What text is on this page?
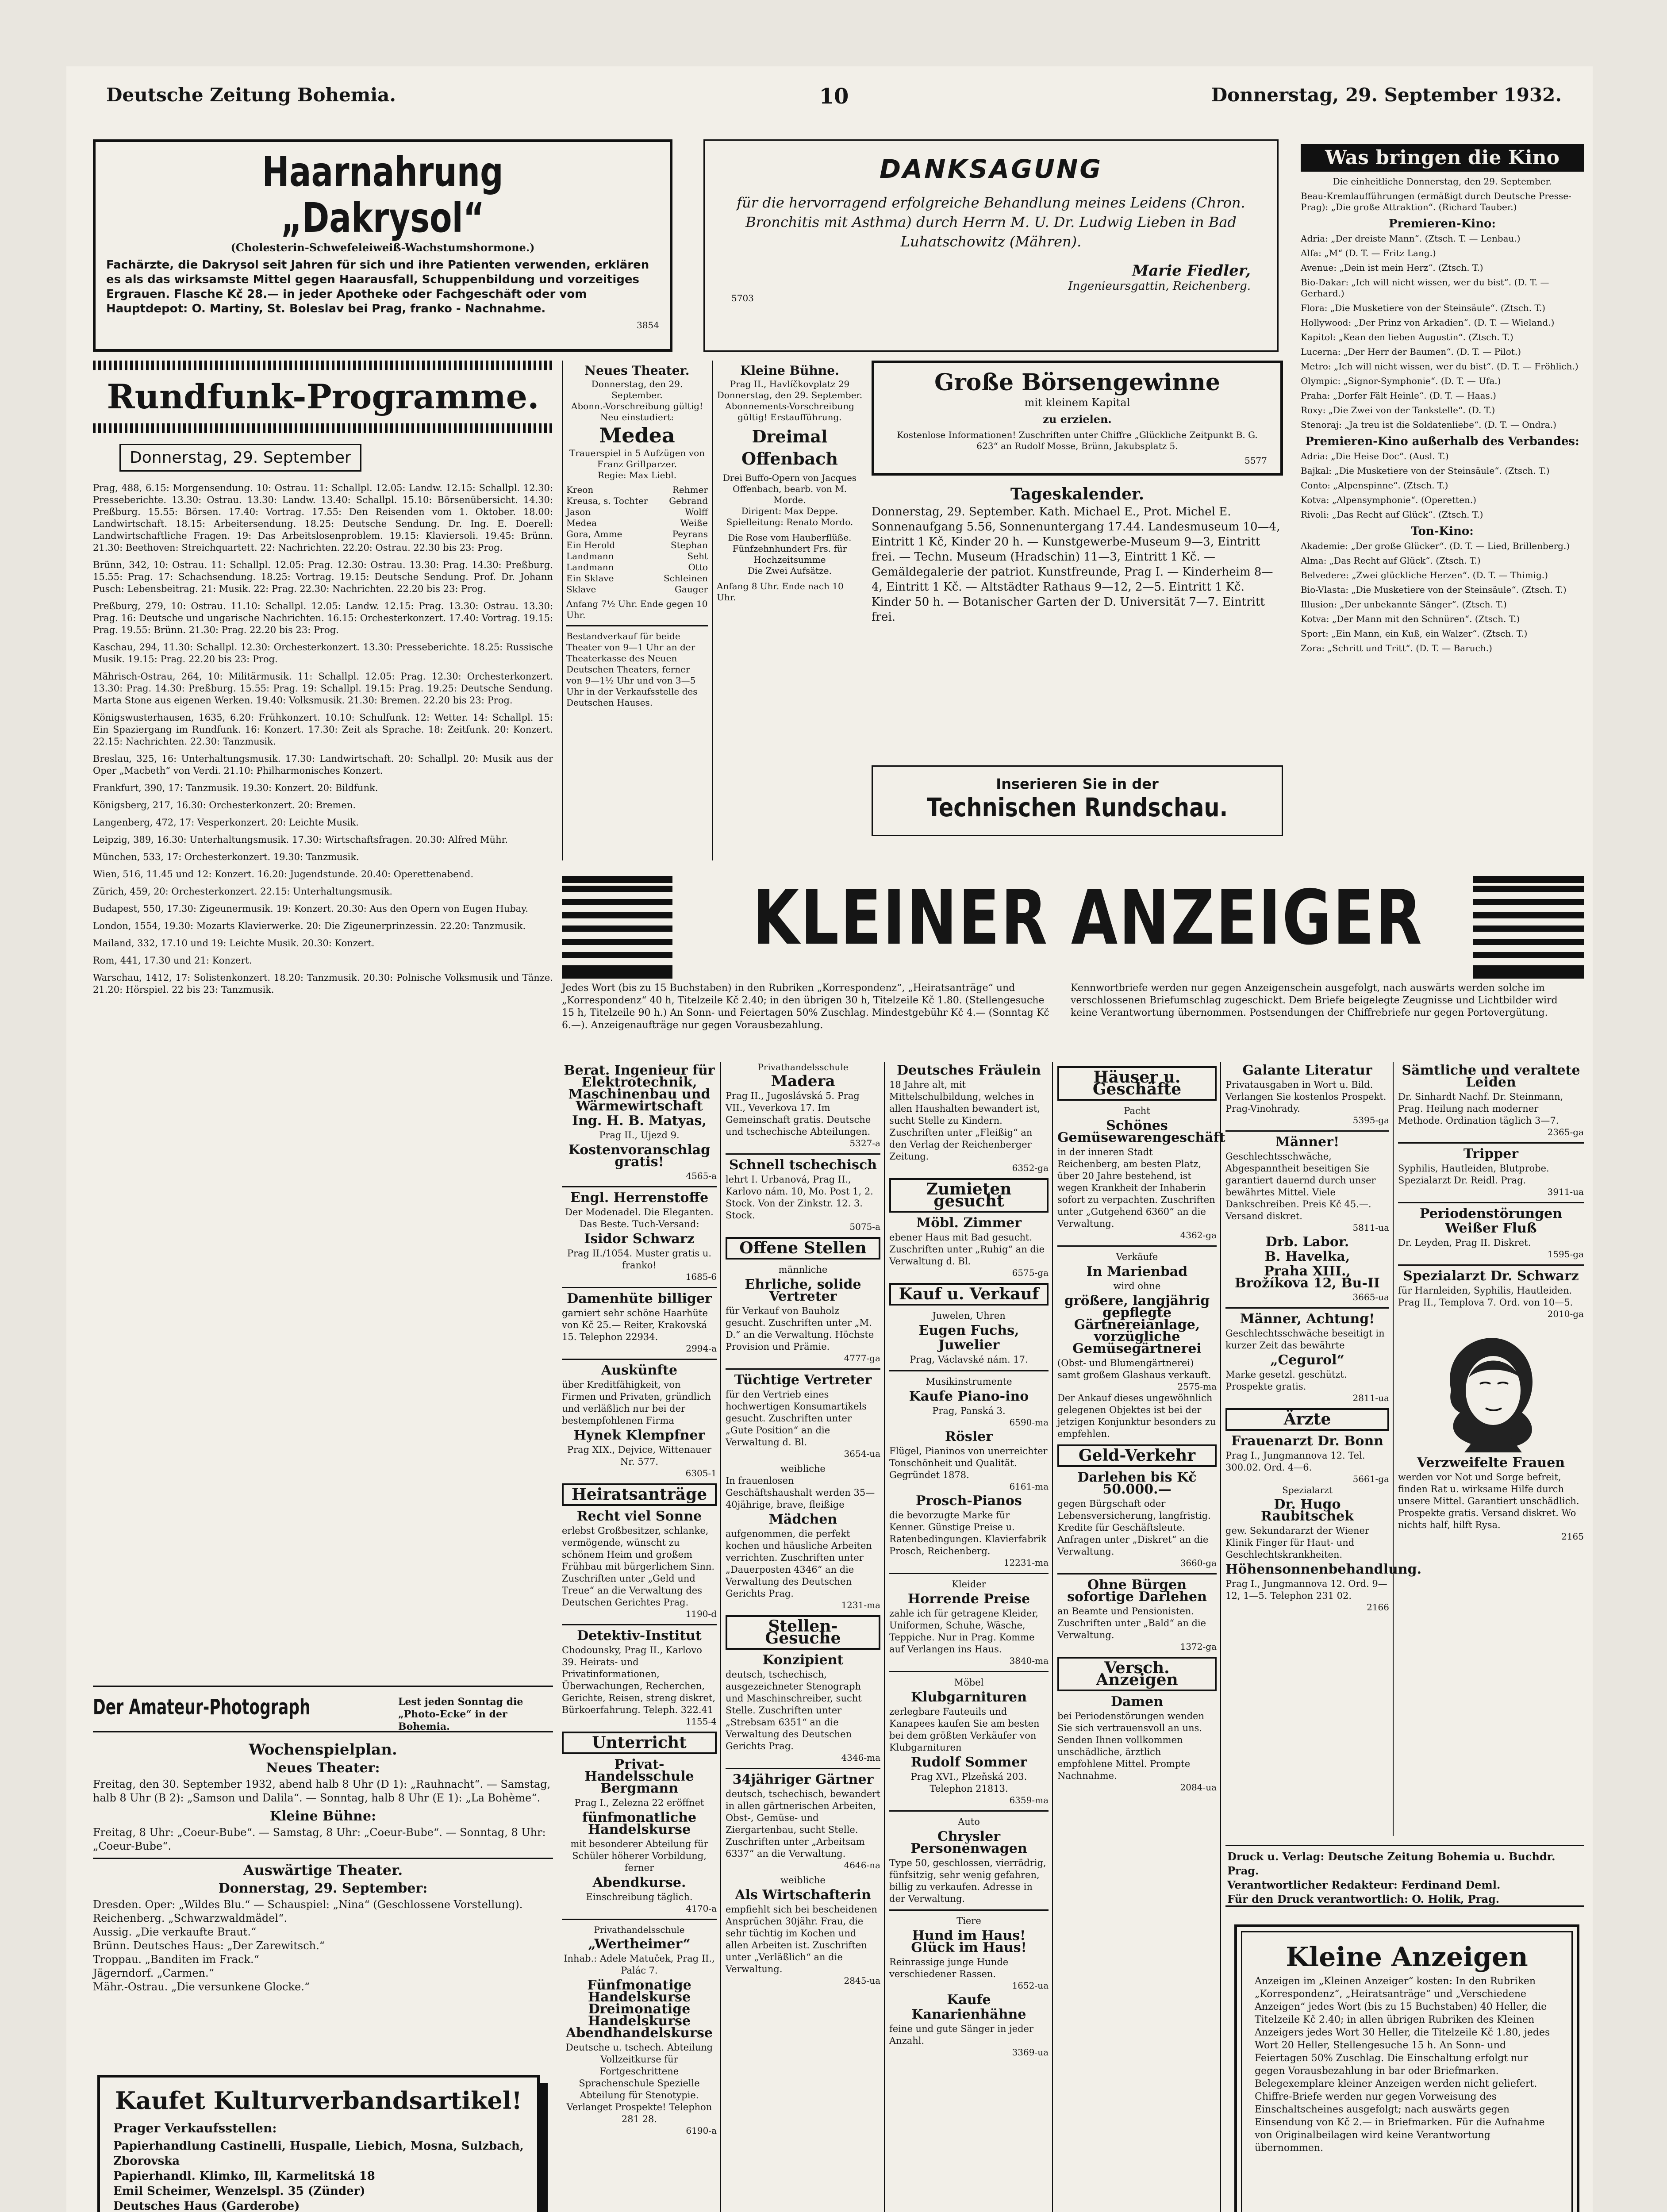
Deutsche Zeitung Bohemia.	10	Donnerstag, 29. September 1932.
Haarnahrung „Dakrysol“
(Cholesterin-Schwefeleiweiß-Wachstumshormone.)
Fachärzte, die Dakrysol seit Jahren für sich und ihre Patienten verwenden, erklären es als das wirksamste Mittel gegen Haarausfall, Schuppenbildung und vorzeitiges Ergrauen. Flasche Kč 28.— in jeder Apotheke oder Fachgeschäft oder vom Hauptdepot: O. Martiny, St. Boleslav bei Prag, franko - Nachnahme.
3854
DANKSAGUNG
für die hervorragend erfolgreiche Behandlung meines Leidens (Chron. Bronchitis mit Asthma) durch Herrn M. U. Dr. Ludwig Lieben in Bad Luhatschowitz (Mähren).
Marie Fiedler,
Ingenieursgattin, Reichenberg.
5703
Was bringen die Kino
Die einheitliche Donnerstag, den 29. September.
Beau-Kremlaufführungen (ermäßigt durch Deutsche Presse-Prag): „Die große Attraktion“. (Richard Tauber.)
Premieren-Kino:
Adria: „Der dreiste Mann“. (Ztsch. T. — Lenbau.)
Alfa: „M“ (D. T. — Fritz Lang.)
Avenue: „Dein ist mein Herz“. (Ztsch. T.)
Bio-Dakar: „Ich will nicht wissen, wer du bist“. (D. T. — Gerhard.)
Flora: „Die Musketiere von der Steinsäule“. (Ztsch. T.)
Hollywood: „Der Prinz von Arkadien“. (D. T. — Wieland.)
Kapitol: „Kean den lieben Augustin“. (Ztsch. T.)
Lucerna: „Der Herr der Baumen“. (D. T. — Pilot.)
Metro: „Ich will nicht wissen, wer du bist“. (D. T. — Fröhlich.)
Olympic: „Signor-Symphonie“. (D. T. — Ufa.)
Praha: „Dorfer Fält Heinle“. (D. T. — Haas.)
Roxy: „Die Zwei von der Tankstelle“. (D. T.)
Stenoraj: „Ja treu ist die Soldatenliebe“. (D. T. — Ondra.)
Premieren-Kino außerhalb des Verbandes:
Adria: „Die Heise Doc“. (Ausl. T.)
Bajkal: „Die Musketiere von der Steinsäule“. (Ztsch. T.)
Conto: „Alpenspinne“. (Ztsch. T.)
Kotva: „Alpensymphonie“. (Operetten.)
Rivoli: „Das Recht auf Glück“. (Ztsch. T.)
Ton-Kino:
Akademie: „Der große Glücker“. (D. T. — Lied, Brillenberg.)
Alma: „Das Recht auf Glück“. (Ztsch. T.)
Belvedere: „Zwei glückliche Herzen“. (D. T. — Thimig.)
Bio-Vlasta: „Die Musketiere von der Steinsäule“. (Ztsch. T.)
Illusion: „Der unbekannte Sänger“. (Ztsch. T.)
Kotva: „Der Mann mit den Schnüren“. (Ztsch. T.)
Sport: „Ein Mann, ein Kuß, ein Walzer“. (Ztsch. T.)
Zora: „Schritt und Tritt“. (D. T. — Baruch.)
Rundfunk-Programme.
Donnerstag, 29. September
Prag, 488, 6.15: Morgensendung. 10: Ostrau. 11: Schallpl. 12.05: Landw. 12.15: Schallpl. 12.30: Presseberichte. 13.30: Ostrau. 13.30: Landw. 13.40: Schallpl. 15.10: Börsenübersicht. 14.30: Preßburg. 15.55: Börsen. 17.40: Vortrag. 17.55: Den Reisenden vom 1. Oktober. 18.00: Landwirtschaft. 18.15: Arbeitersendung. 18.25: Deutsche Sendung. Dr. Ing. E. Doerell: Landwirtschaftliche Fragen. 19: Das Arbeitslosenproblem. 19.15: Klaviersoli. 19.45: Brünn. 21.30: Beethoven: Streichquartett. 22: Nachrichten. 22.20: Ostrau. 22.30 bis 23: Prog.
Brünn, 342, 10: Ostrau. 11: Schallpl. 12.05: Prag. 12.30: Ostrau. 13.30: Prag. 14.30: Preßburg. 15.55: Prag. 17: Schachsendung. 18.25: Vortrag. 19.15: Deutsche Sendung. Prof. Dr. Johann Pusch: Lebensbeitrag. 21: Musik. 22: Prag. 22.30: Nachrichten. 22.20 bis 23: Prog.
Preßburg, 279, 10: Ostrau. 11.10: Schallpl. 12.05: Landw. 12.15: Prag. 13.30: Ostrau. 13.30: Prag. 16: Deutsche und ungarische Nachrichten. 16.15: Orchesterkonzert. 17.40: Vortrag. 19.15: Prag. 19.55: Brünn. 21.30: Prag. 22.20 bis 23: Prog.
Kaschau, 294, 11.30: Schallpl. 12.30: Orchesterkonzert. 13.30: Presseberichte. 18.25: Russische Musik. 19.15: Prag. 22.20 bis 23: Prog.
Mährisch-Ostrau, 264, 10: Militärmusik. 11: Schallpl. 12.05: Prag. 12.30: Orchesterkonzert. 13.30: Prag. 14.30: Preßburg. 15.55: Prag. 19: Schallpl. 19.15: Prag. 19.25: Deutsche Sendung. Marta Stone aus eigenen Werken. 19.40: Volksmusik. 21.30: Bremen. 22.20 bis 23: Prog.
Königswusterhausen, 1635, 6.20: Frühkonzert. 10.10: Schulfunk. 12: Wetter. 14: Schallpl. 15: Ein Spaziergang im Rundfunk. 16: Konzert. 17.30: Zeit als Sprache. 18: Zeitfunk. 20: Konzert. 22.15: Nachrichten. 22.30: Tanzmusik.
Breslau, 325, 16: Unterhaltungsmusik. 17.30: Landwirtschaft. 20: Schallpl. 20: Musik aus der Oper „Macbeth“ von Verdi. 21.10: Philharmonisches Konzert.
Frankfurt, 390, 17: Tanzmusik. 19.30: Konzert. 20: Bildfunk.
Königsberg, 217, 16.30: Orchesterkonzert. 20: Bremen.
Langenberg, 472, 17: Vesperkonzert. 20: Leichte Musik.
Leipzig, 389, 16.30: Unterhaltungsmusik. 17.30: Wirtschaftsfragen. 20.30: Alfred Mühr.
München, 533, 17: Orchesterkonzert. 19.30: Tanzmusik.
Wien, 516, 11.45 und 12: Konzert. 16.20: Jugendstunde. 20.40: Operettenabend.
Zürich, 459, 20: Orchesterkonzert. 22.15: Unterhaltungsmusik.
Budapest, 550, 17.30: Zigeunermusik. 19: Konzert. 20.30: Aus den Opern von Eugen Hubay.
London, 1554, 19.30: Mozarts Klavierwerke. 20: Die Zigeunerprinzessin. 22.20: Tanzmusik.
Mailand, 332, 17.10 und 19: Leichte Musik. 20.30: Konzert.
Rom, 441, 17.30 und 21: Konzert.
Warschau, 1412, 17: Solistenkonzert. 18.20: Tanzmusik. 20.30: Polnische Volksmusik und Tänze. 21.20: Hörspiel. 22 bis 23: Tanzmusik.
Der Amateur-Photograph	Lest jeden Sonntag die „Photo-Ecke“ in der Bohemia.
Wochenspielplan.
Neues Theater:
Freitag, den 30. September 1932, abend halb 8 Uhr (D 1): „Rauhnacht“. — Samstag, halb 8 Uhr (B 2): „Samson und Dalila“. — Sonntag, halb 8 Uhr (E 1): „La Bohème“.
Kleine Bühne:
Freitag, 8 Uhr: „Coeur-Bube“. — Samstag, 8 Uhr: „Coeur-Bube“. — Sonntag, 8 Uhr: „Coeur-Bube“.
Auswärtige Theater.
Donnerstag, 29. September:
Dresden. Oper: „Wildes Blu.“ — Schauspiel: „Nina“ (Geschlossene Vorstellung).
Reichenberg. „Schwarzwaldmädel“.
Aussig. „Die verkaufte Braut.“
Brünn. Deutsches Haus: „Der Zarewitsch.“
Troppau. „Banditen im Frack.“
Jägerndorf. „Carmen.“
Mähr.-Ostrau. „Die versunkene Glocke.“
Kaufet Kulturverbandsartikel!
Prager Verkaufsstellen:
Papierhandlung Castinelli, Huspalle, Liebich, Mosna, Sulzbach, Zborovska
Papierhandl. Klimko, Ill, Karmelitská 18
Emil Scheimer, Wenzelspl. 35 (Zünder)
Deutsches Haus (Garderobe)
Neues Theater.
Donnerstag, den 29. September.
Abonn.-Vorschreibung gültig! Neu einstudiert:
Medea
Trauerspiel in 5 Aufzügen von Franz Grillparzer.
Regie: Max Liebl.
Kreon	Rehmer
Kreusa, s. Tochter Gebrand
Jason	Wolff
Medea	Weiße
Gora, Amme	Peyrans
Ein Herold	Stephan
Landmann	Seht
Landmann	Otto
Ein Sklave	Schleinen
Sklave	Gauger
Anfang 7½ Uhr. Ende gegen 10 Uhr.
Bestandverkauf für beide Theater von 9—1 Uhr an der Theaterkasse des Neuen Deutschen Theaters, ferner von 9—1½ Uhr und von 3—5 Uhr in der Verkaufsstelle des Deutschen Hauses.
Kleine Bühne.
Prag II., Havlíčkovplatz 29
Donnerstag, den 29. September.
Abonnements-Vorschreibung gültig! Erstaufführung.
Dreimal Offenbach
Drei Buffo-Opern von Jacques Offenbach, bearb. von M. Morde.
Dirigent: Max Deppe. Spielleitung: Renato Mordo.
Die Rose vom Hauberflüße.
Fünfzehnhundert Frs. für Hochzeitsumme
Die Zwei Aufsätze.
Anfang 8 Uhr. Ende nach 10 Uhr.
Große Börsengewinne
mit kleinem Kapital
zu erzielen.
Kostenlose Informationen! Zuschriften unter Chiffre „Glückliche Zeitpunkt B. G. 623“ an Rudolf Mosse, Brünn, Jakubsplatz 5.
5577
Tageskalender.
Donnerstag, 29. September. Kath. Michael E., Prot. Michel E. Sonnenaufgang 5.56, Sonnenuntergang 17.44. Landesmuseum 10—4, Eintritt 1 Kč, Kinder 20 h. — Kunstgewerbe-Museum 9—3, Eintritt frei. — Techn. Museum (Hradschin) 11—3, Eintritt 1 Kč. — Gemäldegalerie der patriot. Kunstfreunde, Prag I. — Kinderheim 8—4, Eintritt 1 Kč. — Altstädter Rathaus 9—12, 2—5. Eintritt 1 Kč. Kinder 50 h. — Botanischer Garten der D. Universität 7—7. Eintritt frei.
Inserieren Sie in der
Technischen Rundschau.
KLEINER ANZEIGER
Jedes Wort (bis zu 15 Buchstaben) in den Rubriken „Korrespondenz“, „Heiratsanträge“ und „Korrespondenz“ 40 h, Titelzeile Kč 2.40; in den übrigen 30 h, Titelzeile Kč 1.80. (Stellengesuche 15 h, Titelzeile 90 h.) An Sonn- und Feiertagen 50% Zuschlag. Mindestgebühr Kč 4.— (Sonntag Kč 6.—). Anzeigenaufträge nur gegen Vorausbezahlung.
Kennwortbriefe werden nur gegen Anzeigenschein ausgefolgt, nach auswärts werden solche im verschlossenen Briefumschlag zugeschickt. Dem Briefe beigelegte Zeugnisse und Lichtbilder wird keine Verantwortung übernommen. Postsendungen der Chiffrebriefe nur gegen Portovergütung.
Berat. Ingenieur für Elektrotechnik, Maschinenbau und Wärmewirtschaft
Ing. H. B. Matyas,
Prag II., Ujezd 9.
Kostenvoranschlag gratis!
4565-a
Engl. Herrenstoffe
Der Modenadel. Die Eleganten. Das Beste. Tuch-Versand:
Isidor Schwarz
Prag II./1054. Muster gratis u. franko!
1685-6
Damenhüte billiger
garniert sehr schöne Haarhüte von Kč 25.— Reiter, Krakovská 15. Telephon 22934.
2994-a
Auskünfte
über Kreditfähigkeit, von Firmen und Privaten, gründlich und verläßlich nur bei der bestempfohlenen Firma
Hynek Klempfner
Prag XIX., Dejvice, Wittenauer Nr. 577.
6305-1
Heiratsanträge
Recht viel Sonne
erlebst Großbesitzer, schlanke, vermögende, wünscht zu schönem Heim und großem Frühbau mit bürgerlichem Sinn. Zuschriften unter „Geld und Treue“ an die Verwaltung des Deutschen Gerichtes Prag.
1190-d
Detektiv-Institut
Chodounsky, Prag II., Karlovo 39. Heirats- und Privatinformationen, Überwachungen, Recherchen, Gerichte, Reisen, streng diskret, Bürkoerfahrung. Teleph. 322.41
1155-4
Unterricht
Privat-Handelsschule Bergmann
Prag I., Zelezna 22 eröffnet
fünfmonatliche Handelskurse
mit besonderer Abteilung für Schüler höherer Vorbildung, ferner
Abendkurse.
Einschreibung täglich.
4170-a
Privathandelsschule
„Wertheimer“
Inhab.: Adele Matuček, Prag II., Palác 7.
Fünfmonatige Handelskurse Dreimonatige Handelskurse Abendhandelskurse
Deutsche u. tschech. Abteilung Vollzeitkurse für Fortgeschrittene Sprachenschule Spezielle Abteilung für Stenotypie.
Verlanget Prospekte! Telephon 281 28.
6190-a
Privathandelsschule
Madera
Prag II., Jugoslávská 5. Prag VII., Veverkova 17. Im Gemeinschaft gratis. Deutsche und tschechische Abteilungen.
5327-a
Schnell tschechisch
lehrt I. Urbanová, Prag II., Karlovo nám. 10, Mo. Post 1, 2. Stock. Von der Zinkstr. 12. 3. Stock.
5075-a
Offene Stellen
männliche
Ehrliche, solide Vertreter
für Verkauf von Bauholz gesucht. Zuschriften unter „M. D.“ an die Verwaltung. Höchste Provision und Prämie.
4777-ga
Tüchtige Vertreter
für den Vertrieb eines hochwertigen Konsumartikels gesucht. Zuschriften unter „Gute Position“ an die Verwaltung d. Bl.
3654-ua
weibliche
In frauenlosen Geschäftshaushalt werden 35—40jährige, brave, fleißige
Mädchen
aufgenommen, die perfekt kochen und häusliche Arbeiten verrichten. Zuschriften unter „Dauerposten 4346“ an die Verwaltung des Deutschen Gerichts Prag.
1231-ma
Stellen-Gesuche
Konzipient
deutsch, tschechisch, ausgezeichneter Stenograph und Maschinschreiber, sucht Stelle. Zuschriften unter „Strebsam 6351“ an die Verwaltung des Deutschen Gerichts Prag.
4346-ma
34jähriger Gärtner
deutsch, tschechisch, bewandert in allen gärtnerischen Arbeiten, Obst-, Gemüse- und Ziergartenbau, sucht Stelle. Zuschriften unter „Arbeitsam 6337“ an die Verwaltung.
4646-na
weibliche
Als Wirtschafterin
empfiehlt sich bei bescheidenen Ansprüchen 30jähr. Frau, die sehr tüchtig im Kochen und allen Arbeiten ist. Zuschriften unter „Verläßlich“ an die Verwaltung.
2845-ua
Deutsches Fräulein
18 Jahre alt, mit Mittelschulbildung, welches in allen Haushalten bewandert ist, sucht Stelle zu Kindern. Zuschriften unter „Fleißig“ an den Verlag der Reichenberger Zeitung.
6352-ga
Zumieten gesucht
Möbl. Zimmer
ebener Haus mit Bad gesucht. Zuschriften unter „Ruhig“ an die Verwaltung d. Bl.
6575-ga
Kauf u. Verkauf
Juwelen, Uhren
Eugen Fuchs,
Juwelier
Prag, Václavské nám. 17.
Musikinstrumente
Kaufe Piano-ino
Prag, Panská 3.
6590-ma
Rösler
Flügel, Pianinos von unerreichter Tonschönheit und Qualität. Gegründet 1878.
6161-ma
Prosch-Pianos
die bevorzugte Marke für Kenner. Günstige Preise u. Ratenbedingungen. Klavierfabrik Prosch, Reichenberg.
12231-ma
Kleider
Horrende Preise
zahle ich für getragene Kleider, Uniformen, Schuhe, Wäsche, Teppiche. Nur in Prag. Komme auf Verlangen ins Haus.
3840-ma
Möbel
Klubgarnituren
zerlegbare Fauteuils und Kanapees kaufen Sie am besten bei dem größten Verkäufer von Klubgarnituren
Rudolf Sommer
Prag XVI., Plzeňská 203. Telephon 21813.
6359-ma
Auto
Chrysler Personenwagen
Type 50, geschlossen, vierrädrig, fünfsitzig, sehr wenig gefahren, billig zu verkaufen. Adresse in der Verwaltung.
Tiere
Hund im Haus! Glück im Haus!
Reinrassige junge Hunde verschiedener Rassen.
1652-ua
Kaufe
Kanarienhähne
feine und gute Sänger in jeder Anzahl.
3369-ua
Häuser u. Geschäfte
Pacht
Schönes Gemüsewarengeschäft
in der inneren Stadt Reichenberg, am besten Platz, über 20 Jahre bestehend, ist wegen Krankheit der Inhaberin sofort zu verpachten. Zuschriften unter „Gutgehend 6360“ an die Verwaltung.
4362-ga
Verkäufe
In Marienbad
wird ohne
größere, langjährig gepflegte Gärtnereianlage, vorzügliche Gemüsegärtnerei
(Obst- und Blumengärtnerei) samt großem Glashaus verkauft.
2575-ma
Der Ankauf dieses ungewöhnlich gelegenen Objektes ist bei der jetzigen Konjunktur besonders zu empfehlen.
Geld-Verkehr
Darlehen bis Kč 50.000.—
gegen Bürgschaft oder Lebensversicherung, langfristig. Kredite für Geschäftsleute. Anfragen unter „Diskret“ an die Verwaltung.
3660-ga
Ohne Bürgen sofortige Darlehen
an Beamte und Pensionisten. Zuschriften unter „Bald“ an die Verwaltung.
1372-ga
Versch. Anzeigen
Damen
bei Periodenstörungen wenden Sie sich vertrauensvoll an uns. Senden Ihnen vollkommen unschädliche, ärztlich empfohlene Mittel. Prompte Nachnahme.
2084-ua
Galante Literatur
Privatausgaben in Wort u. Bild. Verlangen Sie kostenlos Prospekt. Prag-Vinohrady.
5395-ga
Männer!
Geschlechtsschwäche, Abgespanntheit beseitigen Sie garantiert dauernd durch unser bewährtes Mittel. Viele Dankschreiben. Preis Kč 45.—. Versand diskret.
5811-ua
Drb. Labor.
B. Havelka,
Praha XIII., Brožíkova 12, Bu-II
3665-ua
Männer, Achtung!
Geschlechtsschwäche beseitigt in kurzer Zeit das bewährte
„Cegurol“
Marke gesetzl. geschützt. Prospekte gratis.
2811-ua
Ärzte
Frauenarzt Dr. Bonn
Prag I., Jungmannova 12. Tel. 300.02. Ord. 4—6.
5661-ga
Spezialarzt
Dr. Hugo Raubitschek
gew. Sekundararzt der Wiener Klinik Finger für Haut- und Geschlechtskrankheiten.
Höhensonnenbehandlung.
Prag I., Jungmannova 12. Ord. 9—12, 1—5. Telephon 231 02.
2166
Sämtliche und veraltete Leiden
Dr. Sinhardt Nachf. Dr. Steinmann, Prag. Heilung nach moderner Methode. Ordination täglich 3—7.
2365-ga
Tripper
Syphilis, Hautleiden, Blutprobe. Spezialarzt Dr. Reidl. Prag.
3911-ua
Periodenstörungen
Weißer Fluß
Dr. Leyden, Prag II. Diskret.
1595-ga
Spezialarzt Dr. Schwarz
für Harnleiden, Syphilis, Hautleiden. Prag II., Templova 7. Ord. von 10—5.
2010-ga
Verzweifelte Frauen
werden vor Not und Sorge befreit, finden Rat u. wirksame Hilfe durch unsere Mittel. Garantiert unschädlich. Prospekte gratis. Versand diskret. Wo nichts half, hilft Rysa.
2165
Druck u. Verlag: Deutsche Zeitung Bohemia u. Buchdr. Prag.
Verantwortlicher Redakteur: Ferdinand Deml.
Für den Druck verantwortlich: O. Holik, Prag.
Kleine Anzeigen
Anzeigen im „Kleinen Anzeiger“ kosten: In den Rubriken „Korrespondenz“, „Heiratsanträge“ und „Verschiedene Anzeigen“ jedes Wort (bis zu 15 Buchstaben) 40 Heller, die Titelzeile Kč 2.40; in allen übrigen Rubriken des Kleinen Anzeigers jedes Wort 30 Heller, die Titelzeile Kč 1.80, jedes Wort 20 Heller, Stellengesuche 15 h. An Sonn- und Feiertagen 50% Zuschlag. Die Einschaltung erfolgt nur gegen Vorausbezahlung in bar oder Briefmarken. Belegexemplare kleiner Anzeigen werden nicht geliefert. Chiffre-Briefe werden nur gegen Vorweisung des Einschaltscheines ausgefolgt; nach auswärts gegen Einsendung von Kč 2.— in Briefmarken. Für die Aufnahme von Originalbeilagen wird keine Verantwortung übernommen.
